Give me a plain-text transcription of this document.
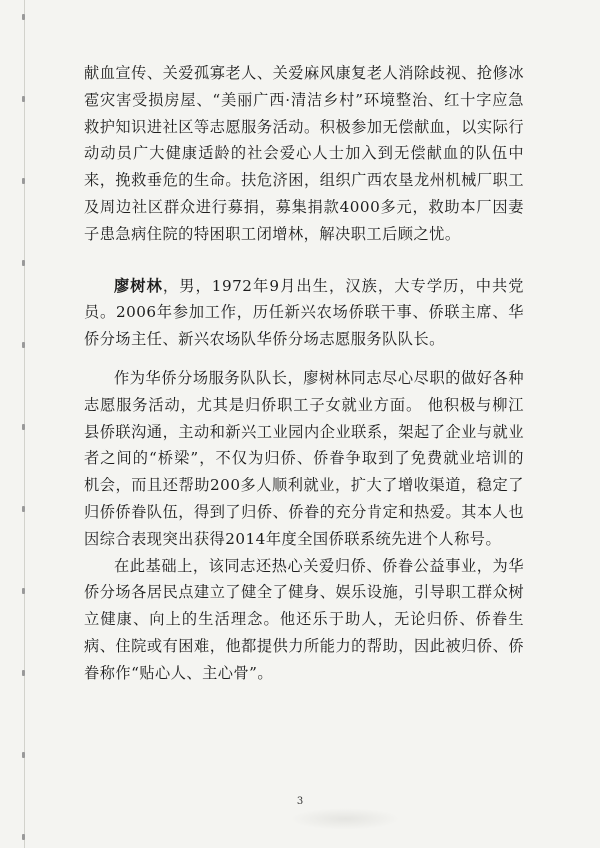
献血宣传、关爱孤寡老人、关爱麻风康复老人消除歧视、抢修冰雹灾害受损房屋、“美丽广西·清洁乡村”环境整治、红十字应急救护知识进社区等志愿服务活动。积极参加无偿献血，以实际行动动员广大健康适龄的社会爱心人士加入到无偿献血的队伍中来，挽救垂危的生命。扶危济困，组织广西农垦龙州机械厂职工及周边社区群众进行募捐，募集捐款4000多元，救助本厂因妻子患急病住院的特困职工闭增林，解决职工后顾之忧。

廖树林，男，1972年9月出生，汉族，大专学历，中共党员。2006年参加工作，历任新兴农场侨联干事、侨联主席、华侨分场主任、新兴农场队华侨分场志愿服务队队长。

作为华侨分场服务队队长，廖树林同志尽心尽职的做好各种志愿服务活动，尤其是归侨职工子女就业方面。 他积极与柳江县侨联沟通，主动和新兴工业园内企业联系，架起了企业与就业者之间的“桥梁”，不仅为归侨、侨眷争取到了免费就业培训的机会，而且还帮助200多人顺利就业，扩大了增收渠道，稳定了归侨侨眷队伍，得到了归侨、侨眷的充分肯定和热爱。其本人也因综合表现突出获得2014年度全国侨联系统先进个人称号。

在此基础上，该同志还热心关爱归侨、侨眷公益事业，为华侨分场各居民点建立了健全了健身、娱乐设施，引导职工群众树立健康、向上的生活理念。他还乐于助人，无论归侨、侨眷生病、住院或有困难，他都提供力所能力的帮助，因此被归侨、侨眷称作“贴心人、主心骨”。

3
